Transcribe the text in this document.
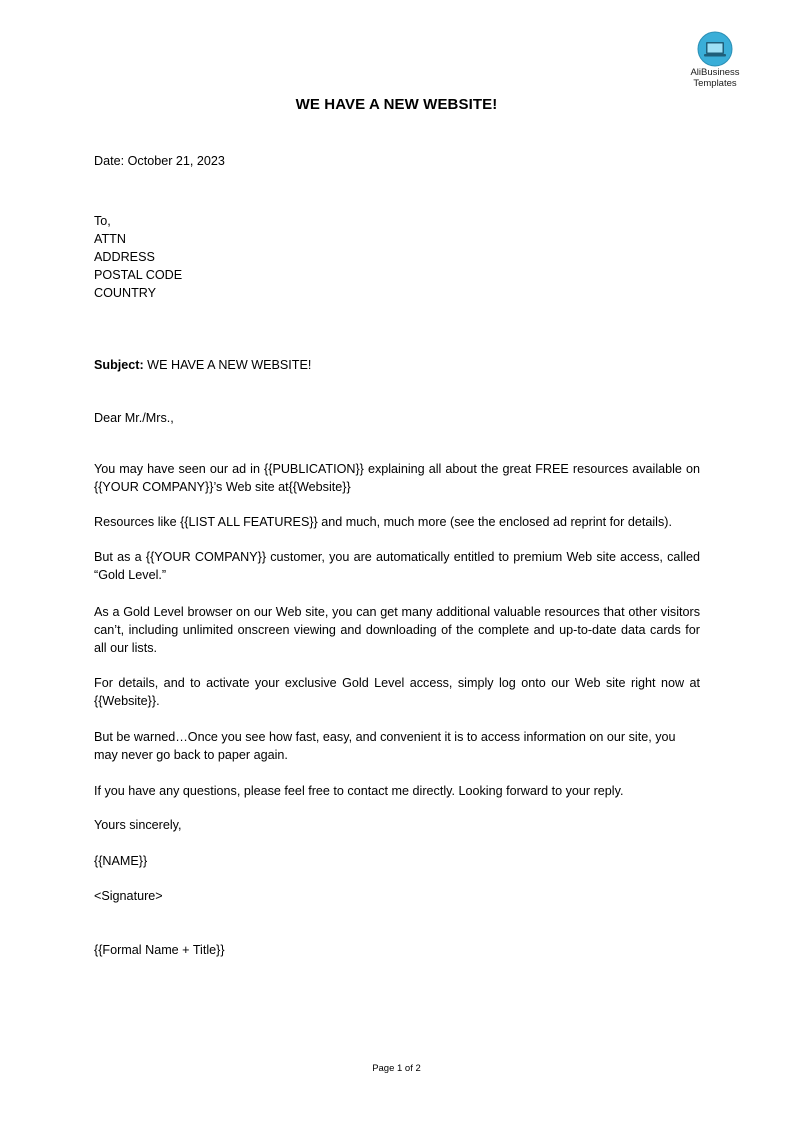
AliBusiness
Templates
WE HAVE A NEW WEBSITE!

Date: October 21, 2023

To,

ATTN

ADDRESS

POSTAL CODE

COUNTRY

Subject: WE HAVE A NEW WEBSITE!

Dear Mr./Mrs.,

You may have seen our ad in {{PUBLICATION}} explaining all about the great FREE resources available on {{YOUR COMPANY}}’s Web site at{{Website}}

Resources like {{LIST ALL FEATURES}} and much, much more (see the enclosed ad reprint for details).

But as a {{YOUR COMPANY}} customer, you are automatically entitled to premium Web site access, called “Gold Level.”

As a Gold Level browser on our Web site, you can get many additional valuable resources that other visitors can’t, including unlimited onscreen viewing and downloading of the complete and up-to-date data cards for all our lists.

For details, and to activate your exclusive Gold Level access, simply log onto our Web site right now at {{Website}}.

But be warned…Once you see how fast, easy, and convenient it is to access information on our site, you may never go back to paper again.

If you have any questions, please feel free to contact me directly. Looking forward to your reply.

Yours sincerely,

{{NAME}}

<Signature>

{{Formal Name + Title}}

Page 1 of 2
